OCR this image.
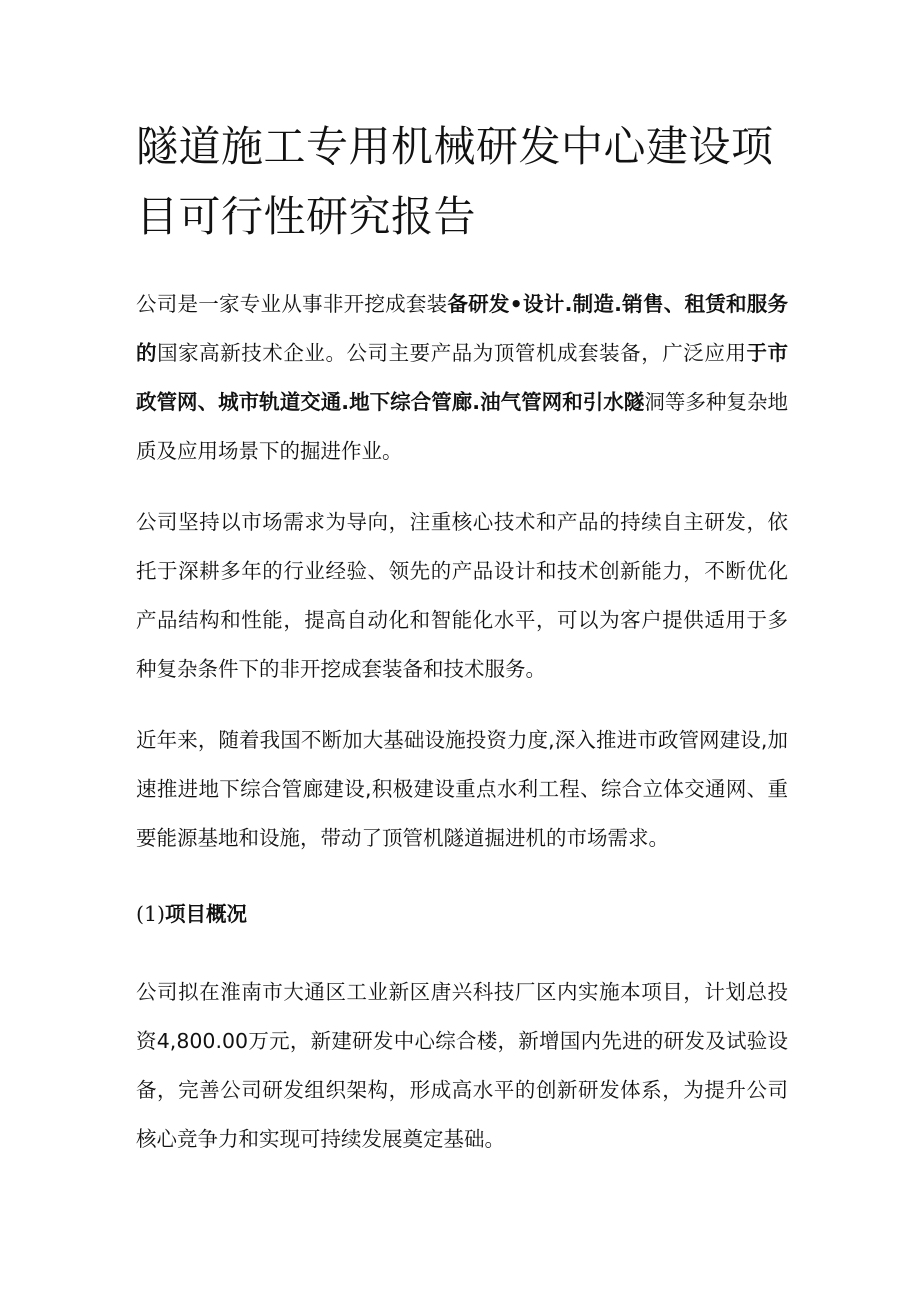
隧道施工专用机械研发中心建设项目可行性研究报告

公司是一家专业从事非开挖成套装备研发•设计.制造.销售、租赁和服务的国家高新技术企业。公司主要产品为顶管机成套装备，广泛应用于市政管网、城市轨道交通.地下综合管廊.油气管网和引水隧洞等多种复杂地质及应用场景下的掘进作业。

公司坚持以市场需求为导向，注重核心技术和产品的持续自主研发，依托于深耕多年的行业经验、领先的产品设计和技术创新能力，不断优化产品结构和性能，提高自动化和智能化水平，可以为客户提供适用于多种复杂条件下的非开挖成套装备和技术服务。

近年来，随着我国不断加大基础设施投资力度,深入推进市政管网建设,加速推进地下综合管廊建设,积极建设重点水利工程、综合立体交通网、重要能源基地和设施，带动了顶管机隧道掘进机的市场需求。

(1)项目概况

公司拟在淮南市大通区工业新区唐兴科技厂区内实施本项目，计划总投资4,800.00万元，新建研发中心综合楼，新增国内先进的研发及试验设备，完善公司研发组织架构，形成高水平的创新研发体系，为提升公司核心竞争力和实现可持续发展奠定基础。
